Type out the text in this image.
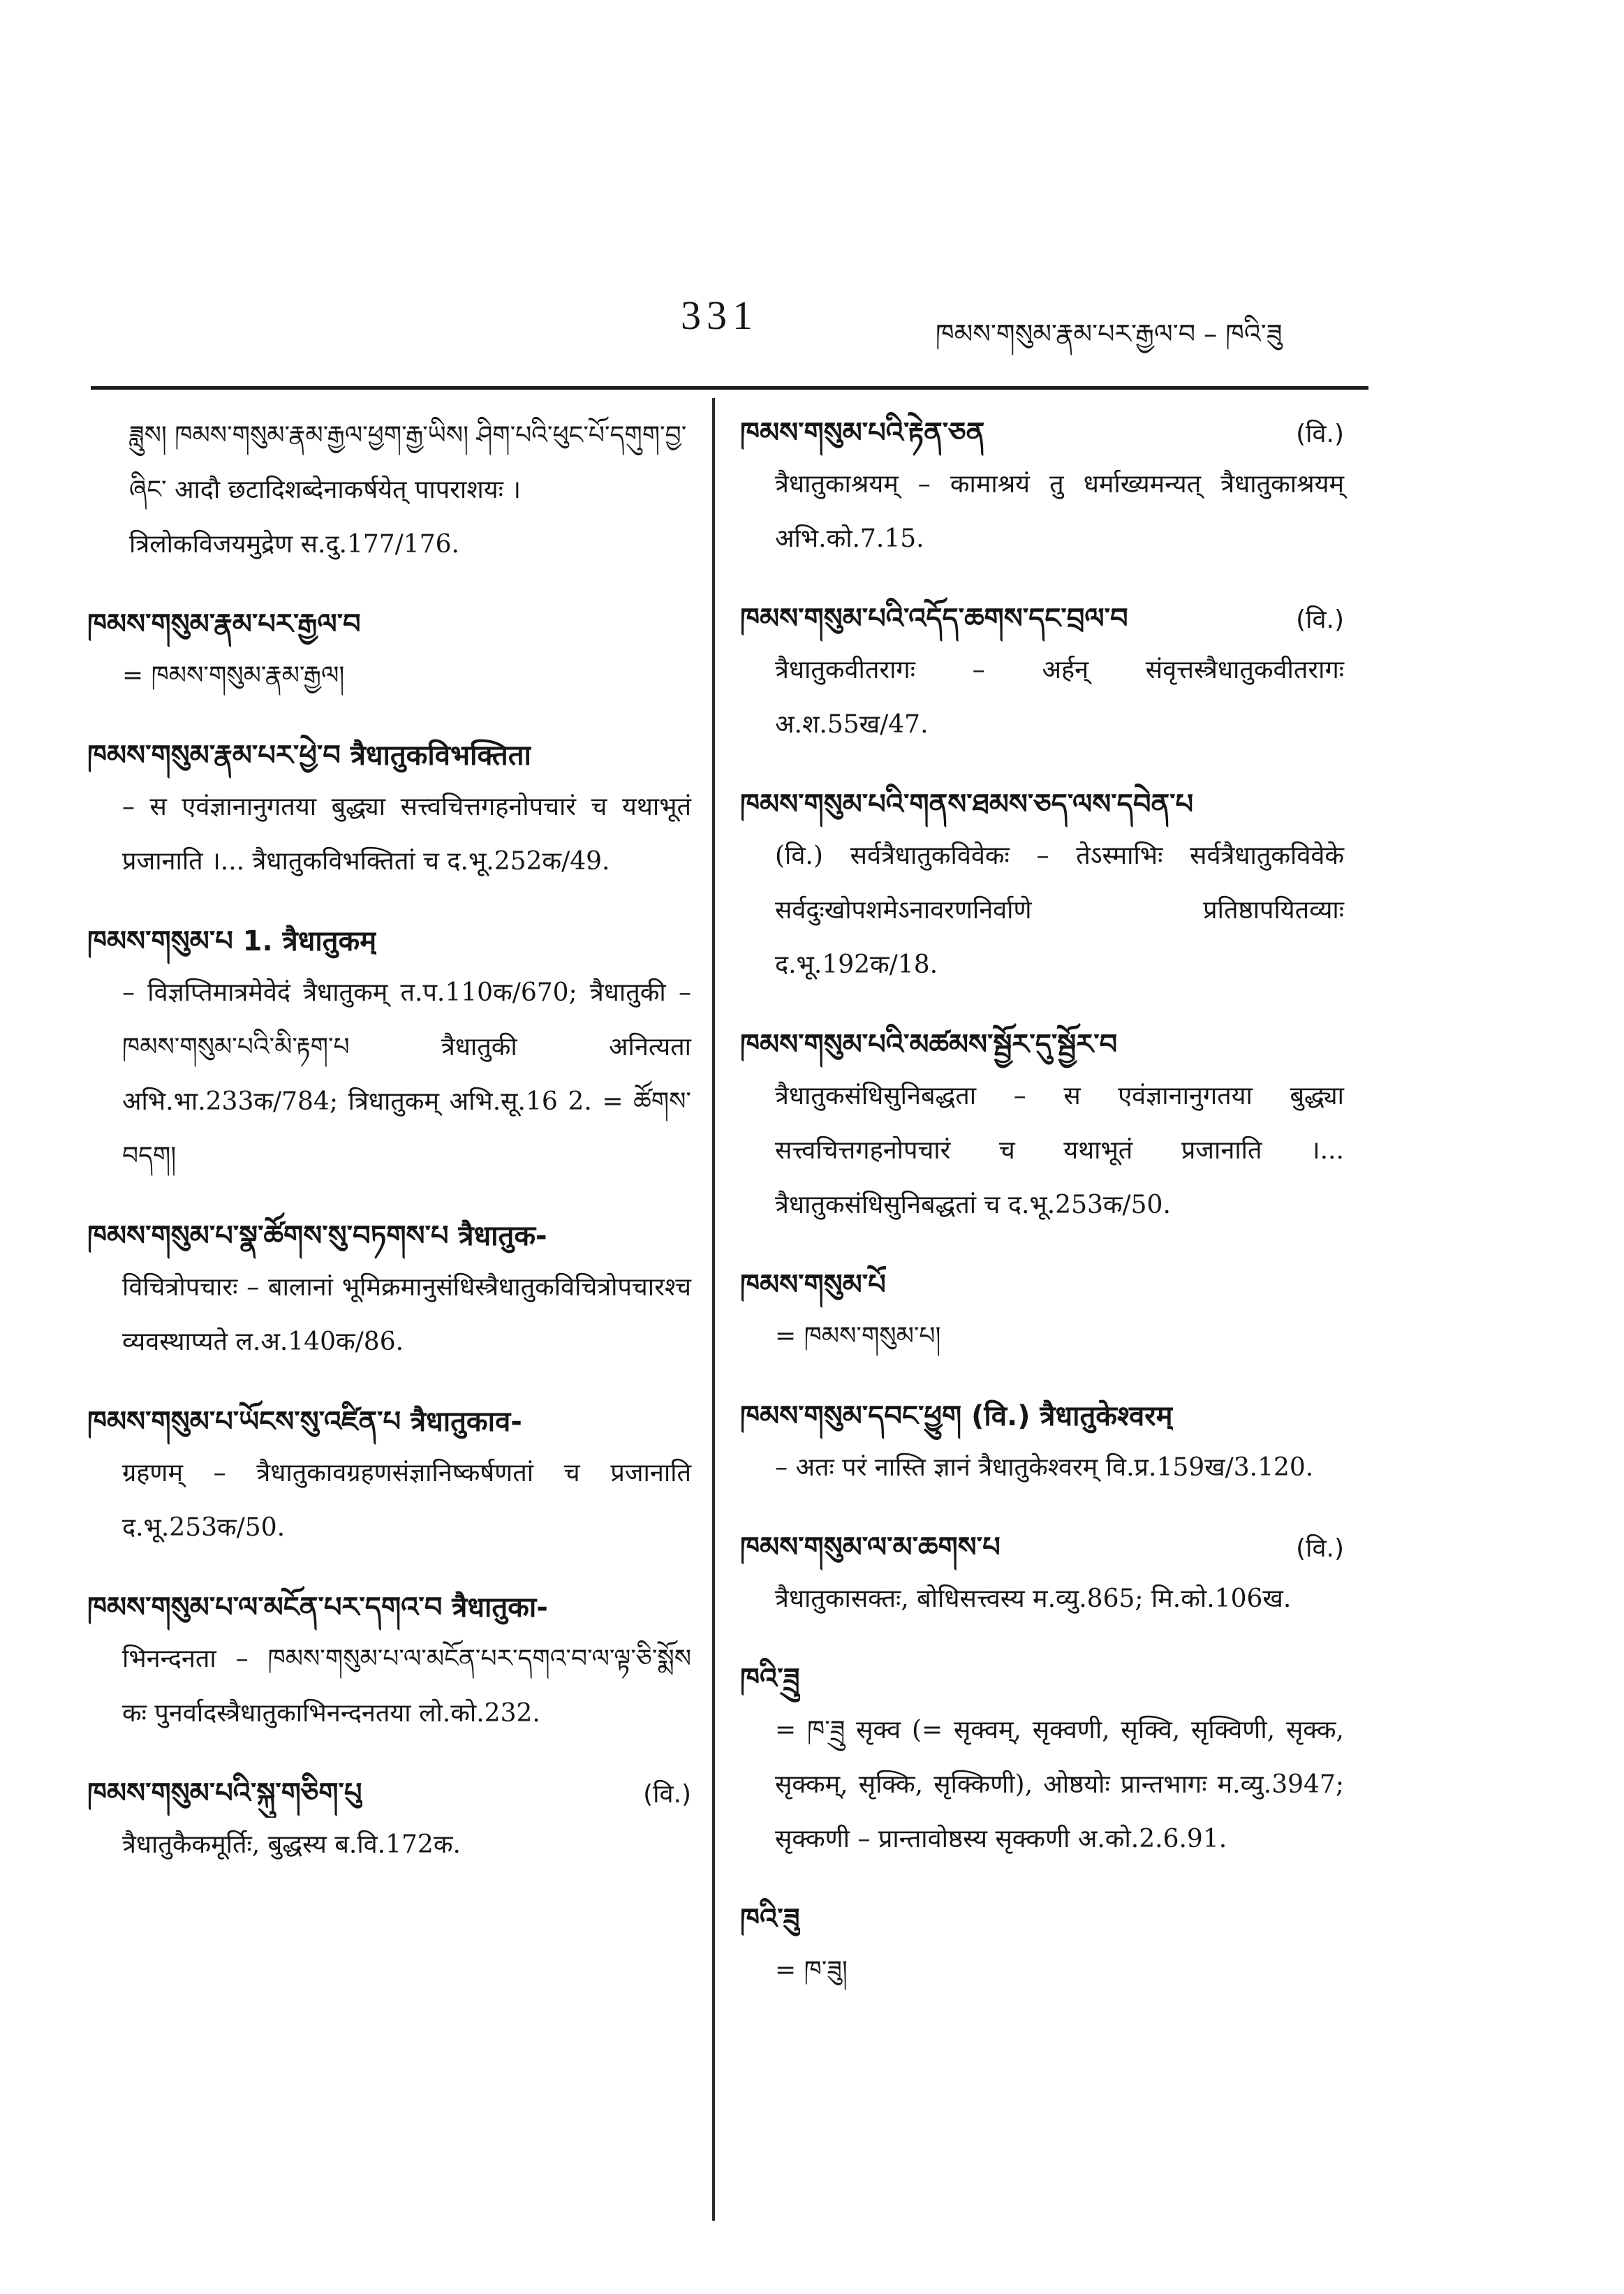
331	ཁམས་གསུམ་རྣམ་པར་རྒྱལ་བ – ཁའི་ཟུ
ཟླུས། ཁམས་གསུམ་རྣམ་རྒྱལ་ཕྱག་རྒྱ་ཡིས། ཤིག་པའི་ཕུང་པོ་དགུག་བྱ་ཞིང་ आदौ छटादिशब्देनाकर्षयेत् पापराशयः । त्रिलोकविजयमुद्रेण स.दु.177/176.
ཁམས་གསུམ་རྣམ་པར་རྒྱལ་བ
= ཁམས་གསུམ་རྣམ་རྒྱལ།
ཁམས་གསུམ་རྣམ་པར་ཕྱེ་བ त्रैधातुकविभक्तिता
– स एवंज्ञानानुगतया बुद्ध्या सत्त्वचित्तगहनोपचारं च यथाभूतं प्रजानाति ।... त्रैधातुकविभक्तितां च द.भू.252क/49.
ཁམས་གསུམ་པ 1. त्रैधातुकम्
– विज्ञप्तिमात्रमेवेदं त्रैधातुकम् त.प.110क/670; त्रैधातुकी – ཁམས་གསུམ་པའི་མི་རྟག་པ त्रैधातुकी अनित्यता अभि.भा.233क/784; त्रिधातुकम् अभि.सू.16 2. = ཚོགས་བདག།
ཁམས་གསུམ་པ་སྣ་ཚོགས་སུ་བཏགས་པ त्रैधातुक-
विचित्रोपचारः – बालानां भूमिक्रमानुसंधिस्त्रैधातुकविचित्रोपचारश्च व्यवस्थाप्यते ल.अ.140क/86.
ཁམས་གསུམ་པ་ཡོངས་སུ་འཛིན་པ त्रैधातुकाव-
ग्रहणम् – त्रैधातुकावग्रहणसंज्ञानिष्कर्षणतां च प्रजानाति द.भू.253क/50.
ཁམས་གསུམ་པ་ལ་མངོན་པར་དགའ་བ त्रैधातुका-
भिनन्दनता – ཁམས་གསུམ་པ་ལ་མངོན་པར་དགའ་བ་ལ་ལྟ་ཅི་སྨོས कः पुनर्वादस्त्रैधातुकाभिनन्दनतया लो.को.232.
ཁམས་གསུམ་པའི་སྐུ་གཅིག་པུ	(वि.)
त्रैधातुकैकमूर्तिः, बुद्धस्य ब.वि.172क.
ཁམས་གསུམ་པའི་རྟེན་ཅན	(वि.)
त्रैधातुकाश्रयम् – कामाश्रयं तु धर्माख्यमन्यत् त्रैधातुकाश्रयम् अभि.को.7.15.
ཁམས་གསུམ་པའི་འདོད་ཆགས་དང་བྲལ་བ	(वि.)
त्रैधातुकवीतरागः – अर्हन् संवृत्तस्त्रैधातुकवीतरागः अ.श.55ख/47.
ཁམས་གསུམ་པའི་གནས་ཐམས་ཅད་ལས་དབེན་པ
(वि.) सर्वत्रैधातुकविवेकः – तेऽस्माभिः सर्वत्रैधातुकविवेके सर्वदुःखोपशमेऽनावरणनिर्वाणे प्रतिष्ठापयितव्याः द.भू.192क/18.
ཁམས་གསུམ་པའི་མཚམས་སྦྱོར་དུ་སྦྱོར་བ
त्रैधातुकसंधिसुनिबद्धता – स एवंज्ञानानुगतया बुद्ध्या सत्त्वचित्तगहनोपचारं च यथाभूतं प्रजानाति ।... त्रैधातुकसंधिसुनिबद्धतां च द.भू.253क/50.
ཁམས་གསུམ་པོ
= ཁམས་གསུམ་པ།
ཁམས་གསུམ་དབང་ཕྱུག (वि.) त्रैधातुकेश्वरम्
– अतः परं नास्ति ज्ञानं त्रैधातुकेश्वरम् वि.प्र.159ख/3.120.
ཁམས་གསུམ་ལ་མ་ཆགས་པ	(वि.)
त्रैधातुकासक्तः, बोधिसत्त्वस्य म.व्यु.865; मि.को.106ख.
ཁའི་ཟྲུ
= ཁ་ཟྲུ सृक्व (= सृक्वम्, सृक्वणी, सृक्वि, सृक्विणी, सृक्क, सृक्कम्, सृक्कि, सृक्किणी), ओष्ठयोः प्रान्तभागः म.व्यु.3947; सृक्कणी – प्रान्तावोष्ठस्य सृक्कणी अ.को.2.6.91.
ཁའི་ཟུ
= ཁ་ཟུ།
